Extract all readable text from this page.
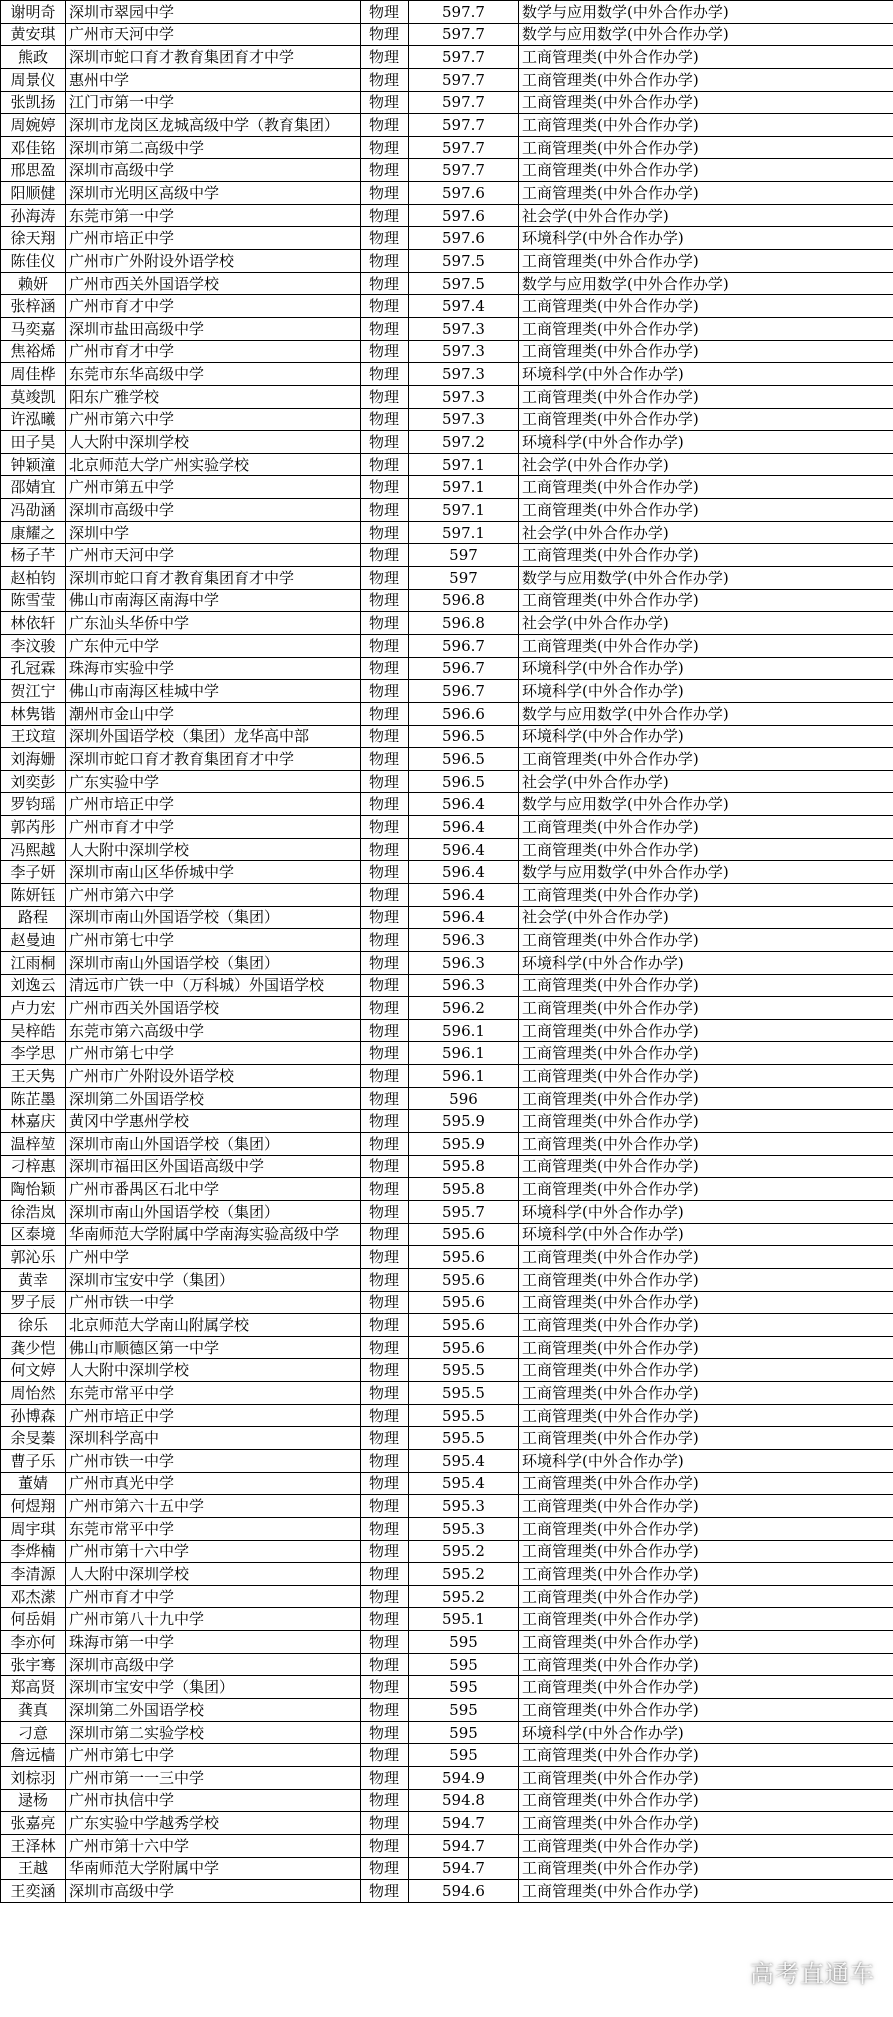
谢明奇	深圳市翠园中学	物理	597.7	数学与应用数学(中外合作办学)
黄安琪	广州市天河中学	物理	597.7	数学与应用数学(中外合作办学)
熊政	深圳市蛇口育才教育集团育才中学	物理	597.7	工商管理类(中外合作办学)
周景仪	惠州中学	物理	597.7	工商管理类(中外合作办学)
张凯扬	江门市第一中学	物理	597.7	工商管理类(中外合作办学)
周婉婷	深圳市龙岗区龙城高级中学（教育集团）	物理	597.7	工商管理类(中外合作办学)
邓佳铭	深圳市第二高级中学	物理	597.7	工商管理类(中外合作办学)
邢思盈	深圳市高级中学	物理	597.7	工商管理类(中外合作办学)
阳顺健	深圳市光明区高级中学	物理	597.6	工商管理类(中外合作办学)
孙海涛	东莞市第一中学	物理	597.6	社会学(中外合作办学)
徐天翔	广州市培正中学	物理	597.6	环境科学(中外合作办学)
陈佳仪	广州市广外附设外语学校	物理	597.5	工商管理类(中外合作办学)
赖妍	广州市西关外国语学校	物理	597.5	数学与应用数学(中外合作办学)
张梓涵	广州市育才中学	物理	597.4	工商管理类(中外合作办学)
马奕嘉	深圳市盐田高级中学	物理	597.3	工商管理类(中外合作办学)
焦裕烯	广州市育才中学	物理	597.3	工商管理类(中外合作办学)
周佳桦	东莞市东华高级中学	物理	597.3	环境科学(中外合作办学)
莫竣凯	阳东广雅学校	物理	597.3	工商管理类(中外合作办学)
许泓曦	广州市第六中学	物理	597.3	工商管理类(中外合作办学)
田子昊	人大附中深圳学校	物理	597.2	环境科学(中外合作办学)
钟颖潼	北京师范大学广州实验学校	物理	597.1	社会学(中外合作办学)
邵婧宜	广州市第五中学	物理	597.1	工商管理类(中外合作办学)
冯劭涵	深圳市高级中学	物理	597.1	工商管理类(中外合作办学)
康耀之	深圳中学	物理	597.1	社会学(中外合作办学)
杨子芊	广州市天河中学	物理	597	工商管理类(中外合作办学)
赵柏钧	深圳市蛇口育才教育集团育才中学	物理	597	数学与应用数学(中外合作办学)
陈雪莹	佛山市南海区南海中学	物理	596.8	工商管理类(中外合作办学)
林依轩	广东汕头华侨中学	物理	596.8	社会学(中外合作办学)
李汶骏	广东仲元中学	物理	596.7	工商管理类(中外合作办学)
孔冠霖	珠海市实验中学	物理	596.7	环境科学(中外合作办学)
贺江宁	佛山市南海区桂城中学	物理	596.7	环境科学(中外合作办学)
林隽锴	潮州市金山中学	物理	596.6	数学与应用数学(中外合作办学)
王玟瑄	深圳外国语学校（集团）龙华高中部	物理	596.5	环境科学(中外合作办学)
刘海姗	深圳市蛇口育才教育集团育才中学	物理	596.5	工商管理类(中外合作办学)
刘奕彭	广东实验中学	物理	596.5	社会学(中外合作办学)
罗钧瑶	广州市培正中学	物理	596.4	数学与应用数学(中外合作办学)
郭芮彤	广州市育才中学	物理	596.4	工商管理类(中外合作办学)
冯熙越	人大附中深圳学校	物理	596.4	工商管理类(中外合作办学)
李子妍	深圳市南山区华侨城中学	物理	596.4	数学与应用数学(中外合作办学)
陈妍钰	广州市第六中学	物理	596.4	工商管理类(中外合作办学)
路程	深圳市南山外国语学校（集团）	物理	596.4	社会学(中外合作办学)
赵曼迪	广州市第七中学	物理	596.3	工商管理类(中外合作办学)
江雨桐	深圳市南山外国语学校（集团）	物理	596.3	环境科学(中外合作办学)
刘逸云	清远市广铁一中（万科城）外国语学校	物理	596.3	工商管理类(中外合作办学)
卢力宏	广州市西关外国语学校	物理	596.2	工商管理类(中外合作办学)
吴梓皓	东莞市第六高级中学	物理	596.1	工商管理类(中外合作办学)
李学思	广州市第七中学	物理	596.1	工商管理类(中外合作办学)
王天隽	广州市广外附设外语学校	物理	596.1	工商管理类(中外合作办学)
陈芷墨	深圳第二外国语学校	物理	596	工商管理类(中外合作办学)
林嘉庆	黄冈中学惠州学校	物理	595.9	工商管理类(中外合作办学)
温梓堃	深圳市南山外国语学校（集团）	物理	595.9	工商管理类(中外合作办学)
刁梓惠	深圳市福田区外国语高级中学	物理	595.8	工商管理类(中外合作办学)
陶怡颖	广州市番禺区石北中学	物理	595.8	工商管理类(中外合作办学)
徐浩岚	深圳市南山外国语学校（集团）	物理	595.7	环境科学(中外合作办学)
区泰境	华南师范大学附属中学南海实验高级中学	物理	595.6	环境科学(中外合作办学)
郭沁乐	广州中学	物理	595.6	工商管理类(中外合作办学)
黄幸	深圳市宝安中学（集团）	物理	595.6	工商管理类(中外合作办学)
罗子辰	广州市铁一中学	物理	595.6	工商管理类(中外合作办学)
徐乐	北京师范大学南山附属学校	物理	595.6	工商管理类(中外合作办学)
龚少恺	佛山市顺德区第一中学	物理	595.6	工商管理类(中外合作办学)
何文婷	人大附中深圳学校	物理	595.5	工商管理类(中外合作办学)
周怡然	东莞市常平中学	物理	595.5	工商管理类(中外合作办学)
孙博森	广州市培正中学	物理	595.5	工商管理类(中外合作办学)
余旻蓁	深圳科学高中	物理	595.5	工商管理类(中外合作办学)
曹子乐	广州市铁一中学	物理	595.4	环境科学(中外合作办学)
董婧	广州市真光中学	物理	595.4	工商管理类(中外合作办学)
何煜翔	广州市第六十五中学	物理	595.3	工商管理类(中外合作办学)
周宇琪	东莞市常平中学	物理	595.3	工商管理类(中外合作办学)
李烨楠	广州市第十六中学	物理	595.2	工商管理类(中外合作办学)
李清源	人大附中深圳学校	物理	595.2	工商管理类(中外合作办学)
邓杰潆	广州市育才中学	物理	595.2	工商管理类(中外合作办学)
何岳娟	广州市第八十九中学	物理	595.1	工商管理类(中外合作办学)
李亦何	珠海市第一中学	物理	595	工商管理类(中外合作办学)
张宇骞	深圳市高级中学	物理	595	工商管理类(中外合作办学)
郑高贤	深圳市宝安中学（集团）	物理	595	工商管理类(中外合作办学)
龚真	深圳第二外国语学校	物理	595	工商管理类(中外合作办学)
刁意	深圳市第二实验学校	物理	595	环境科学(中外合作办学)
詹远樯	广州市第七中学	物理	595	工商管理类(中外合作办学)
刘棕羽	广州市第一一三中学	物理	594.9	工商管理类(中外合作办学)
逯杨	广州市执信中学	物理	594.8	工商管理类(中外合作办学)
张嘉亮	广东实验中学越秀学校	物理	594.7	工商管理类(中外合作办学)
王泽林	广州市第十六中学	物理	594.7	工商管理类(中外合作办学)
王越	华南师范大学附属中学	物理	594.7	工商管理类(中外合作办学)
王奕涵	深圳市高级中学	物理	594.6	工商管理类(中外合作办学)
高考直通车
